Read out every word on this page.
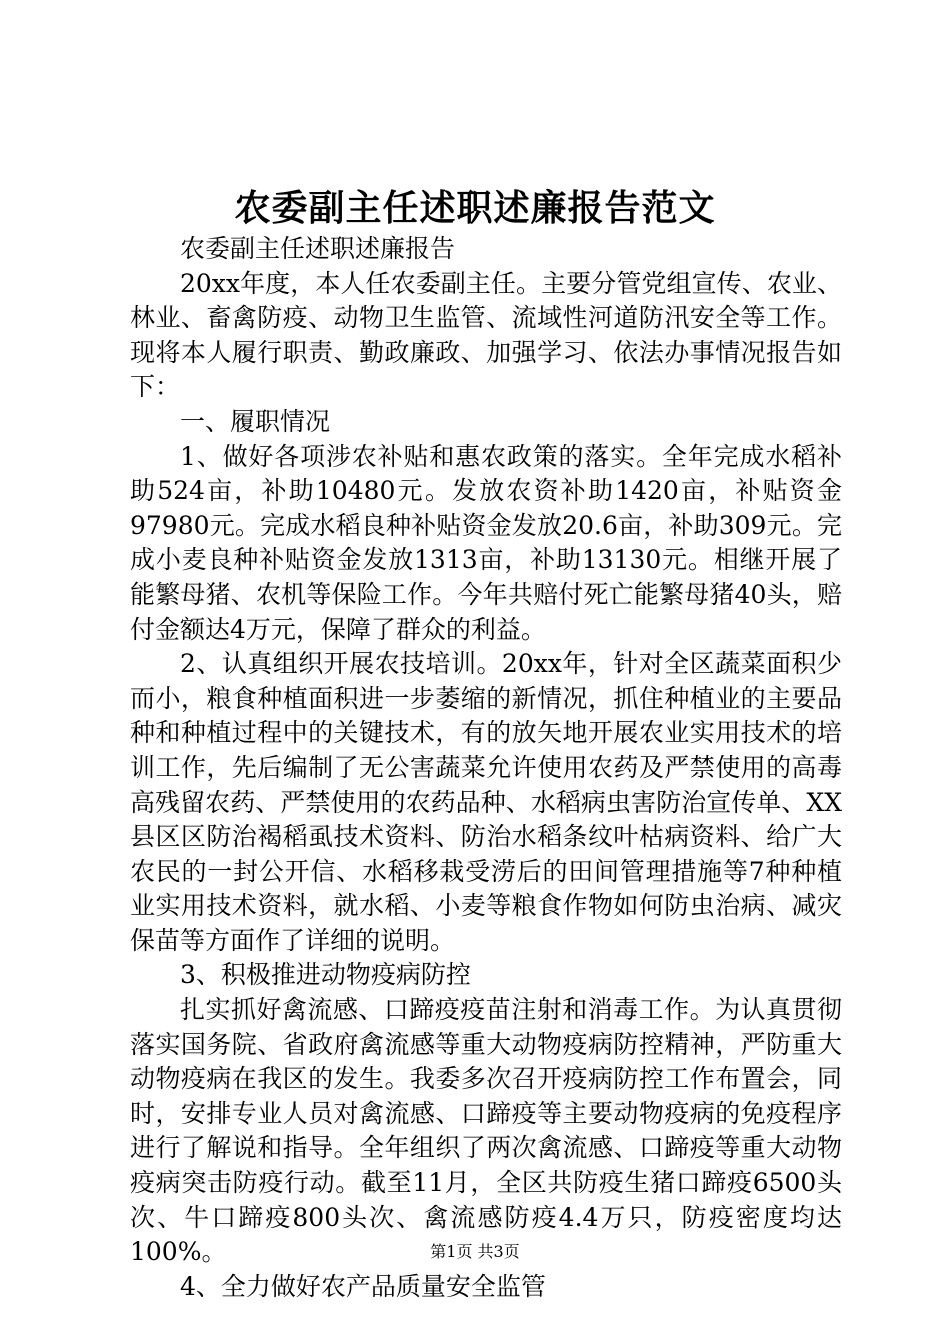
农委副主任述职述廉报告范文

农委副主任述职述廉报告

20xx年度，本人任农委副主任。主要分管党组宣传、农业、林业、畜禽防疫、动物卫生监管、流域性河道防汛安全等工作。现将本人履行职责、勤政廉政、加强学习、依法办事情况报告如下：

一、履职情况

1、做好各项涉农补贴和惠农政策的落实。全年完成水稻补助524亩，补助10480元。发放农资补助1420亩，补贴资金97980元。完成水稻良种补贴资金发放20.6亩，补助309元。完成小麦良种补贴资金发放1313亩，补助13130元。相继开展了能繁母猪、农机等保险工作。今年共赔付死亡能繁母猪40头，赔付金额达4万元，保障了群众的利益。

2、认真组织开展农技培训。20xx年，针对全区蔬菜面积少而小，粮食种植面积进一步萎缩的新情况，抓住种植业的主要品种和种植过程中的关键技术，有的放矢地开展农业实用技术的培训工作，先后编制了无公害蔬菜允许使用农药及严禁使用的高毒高残留农药、严禁使用的农药品种、水稻病虫害防治宣传单、XX县区区防治褐稻虱技术资料、防治水稻条纹叶枯病资料、给广大农民的一封公开信、水稻移栽受涝后的田间管理措施等7种种植业实用技术资料，就水稻、小麦等粮食作物如何防虫治病、减灾保苗等方面作了详细的说明。

3、积极推进动物疫病防控

扎实抓好禽流感、口蹄疫疫苗注射和消毒工作。为认真贯彻落实国务院、省政府禽流感等重大动物疫病防控精神，严防重大动物疫病在我区的发生。我委多次召开疫病防控工作布置会，同时，安排专业人员对禽流感、口蹄疫等主要动物疫病的免疫程序进行了解说和指导。全年组织了两次禽流感、口蹄疫等重大动物疫病突击防疫行动。截至11月，全区共防疫生猪口蹄疫6500头次、牛口蹄疫800头次、禽流感防疫4.4万只，防疫密度均达100%。

4、全力做好农产品质量安全监管

第1页 共3页
